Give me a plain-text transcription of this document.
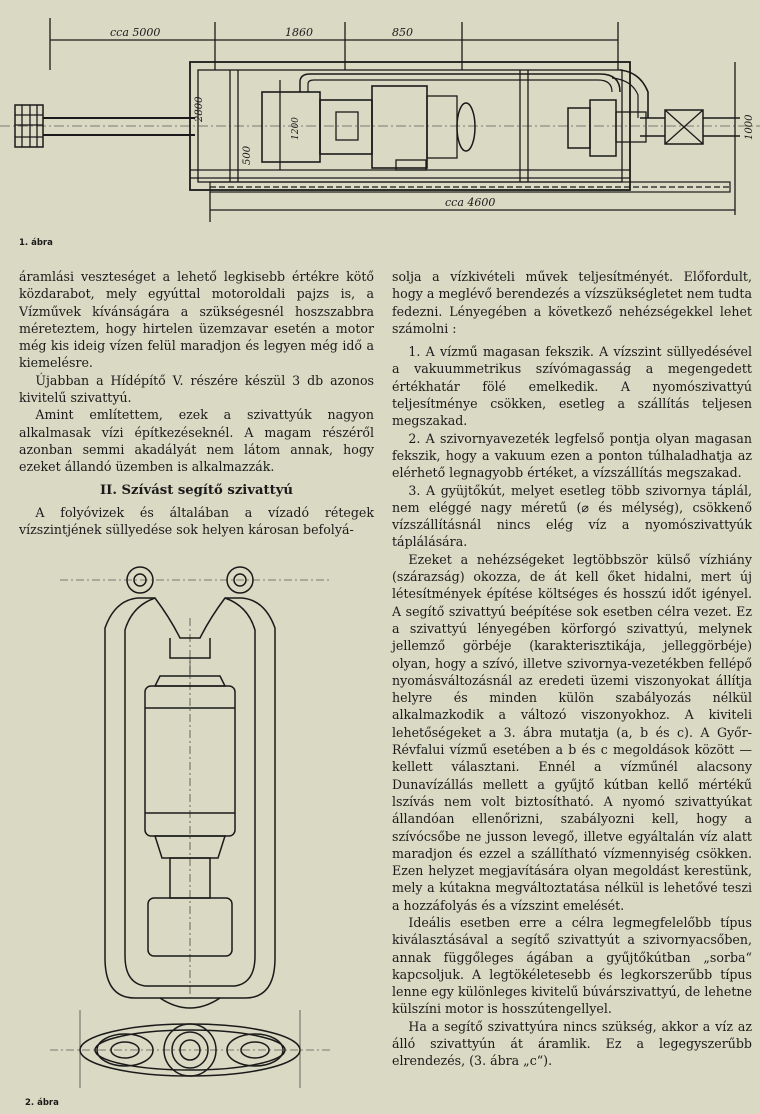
cca 5000	1860	850
2800
500
1200	1000
cca 4600
1. ábra

áramlási veszteséget a lehető legkisebb értékre kötő közdarabot, mely egyúttal motoroldali pajzs is, a Vízművek kívánságára a szükségesnél hoszszabbra méreteztem, hogy hirtelen üzemzavar esetén a motor még kis ideig vízen felül maradjon és legyen még idő a kiemelésre.

Újabban a Hídépítő V. részére készül 3 db azonos kivitelű szivattyú.

Amint említettem, ezek a szivattyúk nagyon alkalmasak vízi építkezéseknél. A magam részéről azonban semmi akadályát nem látom annak, hogy ezeket állandó üzemben is alkalmazzák.

II. Szívást segítő szivattyú

A folyóvizek és általában a vízadó rétegek vízszintjének süllyedése sok helyen károsan befolyá-

2. ábra

solja a vízkivételi művek teljesítményét. Előfordult, hogy a meglévő berendezés a vízszükségletet nem tudta fedezni. Lényegében a következő nehézségekkel lehet számolni :

1. A vízmű magasan fekszik. A vízszint süllyedésével a vakuummetrikus szívómagasság a megengedett értékhatár fölé emelkedik. A nyomószivattyú teljesítménye csökken, esetleg a szállítás teljesen megszakad.

2. A szivornyavezeték legfelső pontja olyan magasan fekszik, hogy a vakuum ezen a ponton túlhaladhatja az elérhető legnagyobb értéket, a vízszállítás megszakad.

3. A gyüjtőkút, melyet esetleg több szivornya táplál, nem eléggé nagy méretű (⌀ és mélység), csökkenő vízszállításnál nincs elég víz a nyomószivattyúk táplálására.

Ezeket a nehézségeket legtöbbször külső vízhiány (szárazság) okozza, de át kell őket hidalni, mert új létesítmények építése költséges és hosszú időt igényel. A segítő szivattyú beépítése sok esetben célra vezet. Ez a szivattyú lényegében körforgó szivattyú, melynek jellemző görbéje (karakterisztikája, jelleggörbéje) olyan, hogy a szívó, illetve szivornya-vezetékben fellépő nyomásváltozásnál az eredeti üzemi viszonyokat állítja helyre és minden külön szabályozás nélkül alkalmazkodik a változó viszonyokhoz. A kiviteli lehetőségeket a 3. ábra mutatja (a, b és c). A Győr-Révfalui vízmű esetében a b és c megoldások között — kellett választani. Ennél a vízműnél alacsony Dunavízállás mellett a gyűjtő kútban kellő mértékű lszívás nem volt biztosítható. A nyomó szivattyúkat állandóan ellenőrizni, szabályozni kell, hogy a szívócsőbe ne jusson levegő, illetve egyáltalán víz alatt maradjon és ezzel a szállítható vízmennyiség csökken. Ezen helyzet megjavítására olyan megoldást kerestünk, mely a kútakna megváltoztatása nélkül is lehetővé teszi a hozzáfolyás és a vízszint emelését.

Ideális esetben erre a célra legmegfelelőbb típus kiválasztásával a segítő szivattyút a szivornyacsőben, annak függőleges ágában a gyűjtőkútban „sorba“ kapcsoljuk. A legtökéletesebb és legkorszerűbb típus lenne egy különleges kivitelű búvárszivattyú, de lehetne külszíni motor is hosszútengellyel.

Ha a segítő szivattyúra nincs szükség, akkor a víz az álló szivattyún át áramlik. Ez a legegyszerűbb elrendezés, (3. ábra „c“).
